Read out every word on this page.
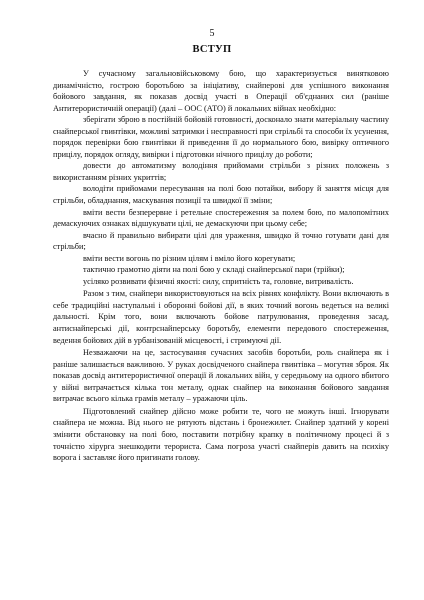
5
ВСТУП

У сучасному загальновійськовому бою, що характеризується винятковою динамічністю, гострою боротьбою за ініціативу, снайперові для успішного виконання бойового завдання, як показав досвід участі в Операції об'єднаних сил (раніше Антитерористичній операції) (далі – ООС (АТО) й локальних війнах необхідно:

зберігати зброю в постійній бойовій готовності, досконало знати матеріальну частину снайперської гвинтівки, можливі затримки і несправності при стрільбі та способи їх усунення, порядок перевірки бою гвинтівки й приведення її до нормального бою, вивірку оптичного прицілу, порядок огляду, вивірки і підготовки нічного прицілу до роботи;

довести до автоматизму володіння прийомами стрільби з різних положень з використанням різних укриттів;

володіти прийомами пересування на полі бою потайки, вибору й заняття місця для стрільби, обладнання, маскування позиції та швидкої її зміни;

вміти вести безперервне і ретельне спостереження за полем бою, по малопомітних демаскуючих ознаках відшукувати цілі, не демаскуючи при цьому себе;

вчасно й правильно вибирати цілі для ураження, швидко й точно готувати дані для стрільби;

вміти вести вогонь по різним цілям і вміло його корегувати;

тактично грамотно діяти на полі бою у складі снайперської пари (трійки);

усіляко розвивати фізичні якості: силу, спритність та, головне, витривалість.

Разом з тим, снайпери використовуються на всіх рівнях конфлікту. Вони включають в себе традиційні наступальні і оборонні бойові дії, в яких точний вогонь ведеться на великі дальності. Крім того, вони включають бойове патрулювання, проведення засад, антиснайперські дії, контрснайперську боротьбу, елементи передового спостереження, ведення бойових дій в урбанізованій місцевості, і стримуючі дії.

Незважаючи на це, застосування сучасних засобів боротьби, роль снайпера як і раніше залишається важливою. У руках досвідченого снайпера гвинтівка – могутня зброя. Як показав досвід антитерористичної операції й локальних війн, у середньому на одного вбитого у війні витрачається кілька тон металу, однак снайпер на виконання бойового завдання витрачає всього кілька грамів металу – уражаючи ціль.

Підготовлений снайпер дійсно може робити те, чого не можуть інші. Ігнорувати снайпера не можна. Від нього не рятують відстань і бронежилет. Снайпер здатний у корені змінити обстановку на полі бою, поставити потрібну крапку в політичному процесі й з точністю хірурга знешкодити терориста. Сама погроза участі снайперів давить на психіку ворога і заставляє його пригинати голову.
